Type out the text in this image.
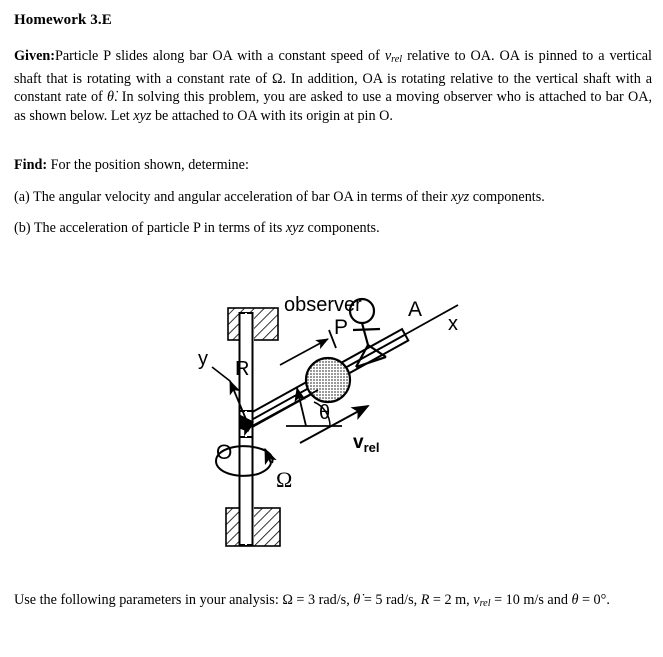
Homework 3.E
Given:Particle P slides along bar OA with a constant speed of $v_{rel}$ relative to OA. OA is pinned to a vertical shaft that is rotating with a constant rate of Ω. In addition, OA is rotating relative to the vertical shaft with a constant rate of θ̇. In solving this problem, you are asked to use a moving observer who is attached to bar OA, as shown below. Let xyz be attached to OA with its origin at pin O.
Find: For the position shown, determine:
(a) The angular velocity and angular acceleration of bar OA in terms of their xyz components.
(b) The acceleration of particle P in terms of its xyz components.
Use the following parameters in your analysis: Ω = 3 rad/s, θ̇ = 5 rad/s, R = 2 m, $v_{rel} = 10$ m/s and θ = 0°.
R
y
θ
$v_{rel}$
observer
Ω
O
P
A
x
